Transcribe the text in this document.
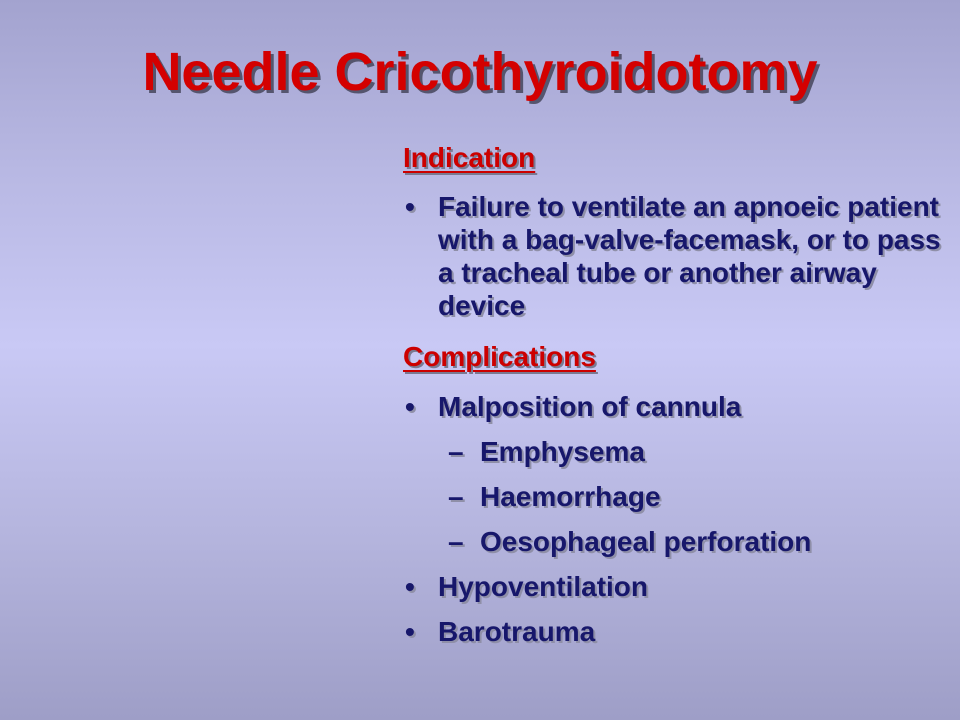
Needle Cricothyroidotomy
Indication
• Failure to ventilate an apnoeic patient with a bag-valve-facemask, or to pass a tracheal tube or another airway device
Complications
• Malposition of cannula
– Emphysema
– Haemorrhage
– Oesophageal perforation
• Hypoventilation
• Barotrauma
